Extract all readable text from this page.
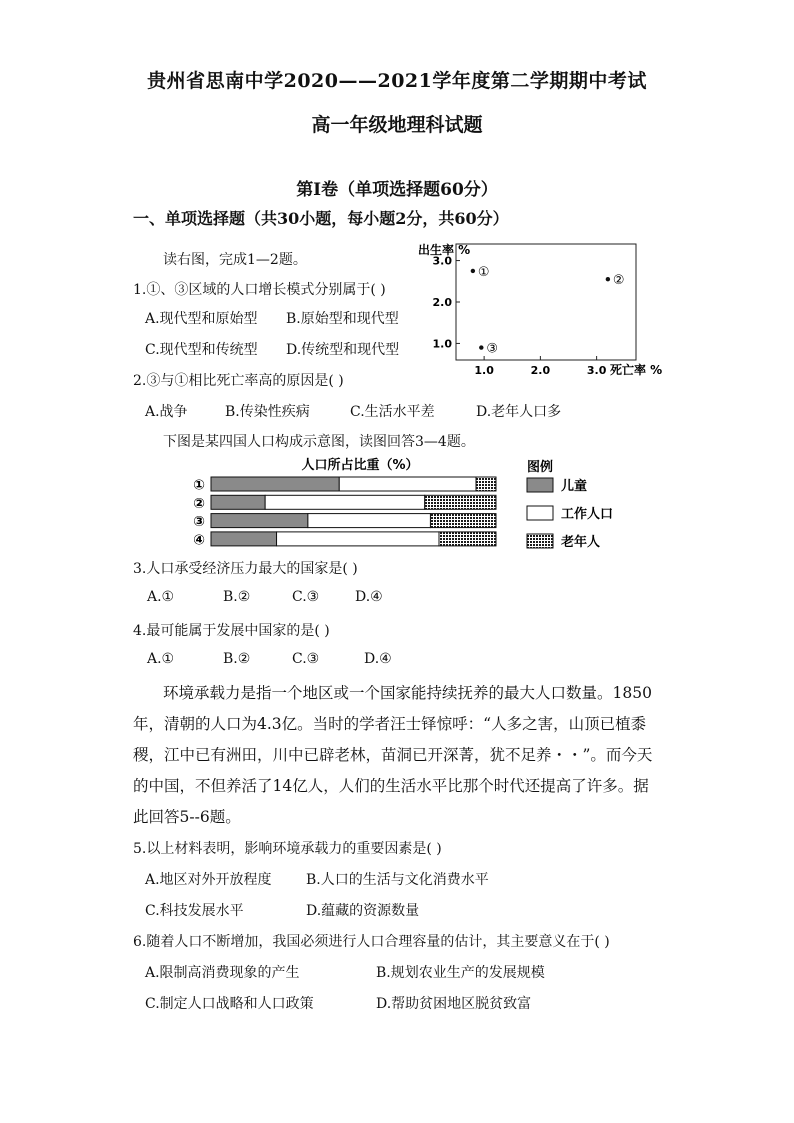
贵州省思南中学2020——2021学年度第二学期期中考试
高一年级地理科试题
第Ⅰ卷（单项选择题60分）
一、单项选择题（共30小题，每小题2分，共60分）
读右图，完成1—2题。
1.①、③区域的人口增长模式分别属于( )
A.现代型和原始型 B.原始型和现代型
C.现代型和传统型 D.传统型和现代型
2.③与①相比死亡率高的原因是( )
A.战争	B.传染性疾病	C.生活水平差	D.老年人口多
出生率 %
死亡率 %
1.0
2.0
3.0
1.0	2.0	3.0
①
②
③
下图是某四国人口构成示意图，读图回答3—4题。
人口所占比重（%）	图例
①
②
③
④
儿童
工作人口
老年人
3.人口承受经济压力最大的国家是( )
A.①	B.②	C.③	D.④
4.最可能属于发展中国家的是( )
A.①	B.②	C.③	D.④
环境承载力是指一个地区或一个国家能持续抚养的最大人口数量。1850年，清朝的人口为4.3亿。当时的学者汪士铎惊呼：“人多之害，山顶已植黍稷，江中已有洲田，川中已辟老林，苗洞已开深菁，犹不足养・・”。而今天的中国，不但养活了14亿人，人们的生活水平比那个时代还提高了许多。据此回答5--6题。
5.以上材料表明，影响环境承载力的重要因素是( )
A.地区对外开放程度 B.人口的生活与文化消费水平
C.科技发展水平	D.蕴藏的资源数量
6.随着人口不断增加，我国必须进行人口合理容量的估计，其主要意义在于( )
A.限制高消费现象的产生	B.规划农业生产的发展规模
C.制定人口战略和人口政策	D.帮助贫困地区脱贫致富
